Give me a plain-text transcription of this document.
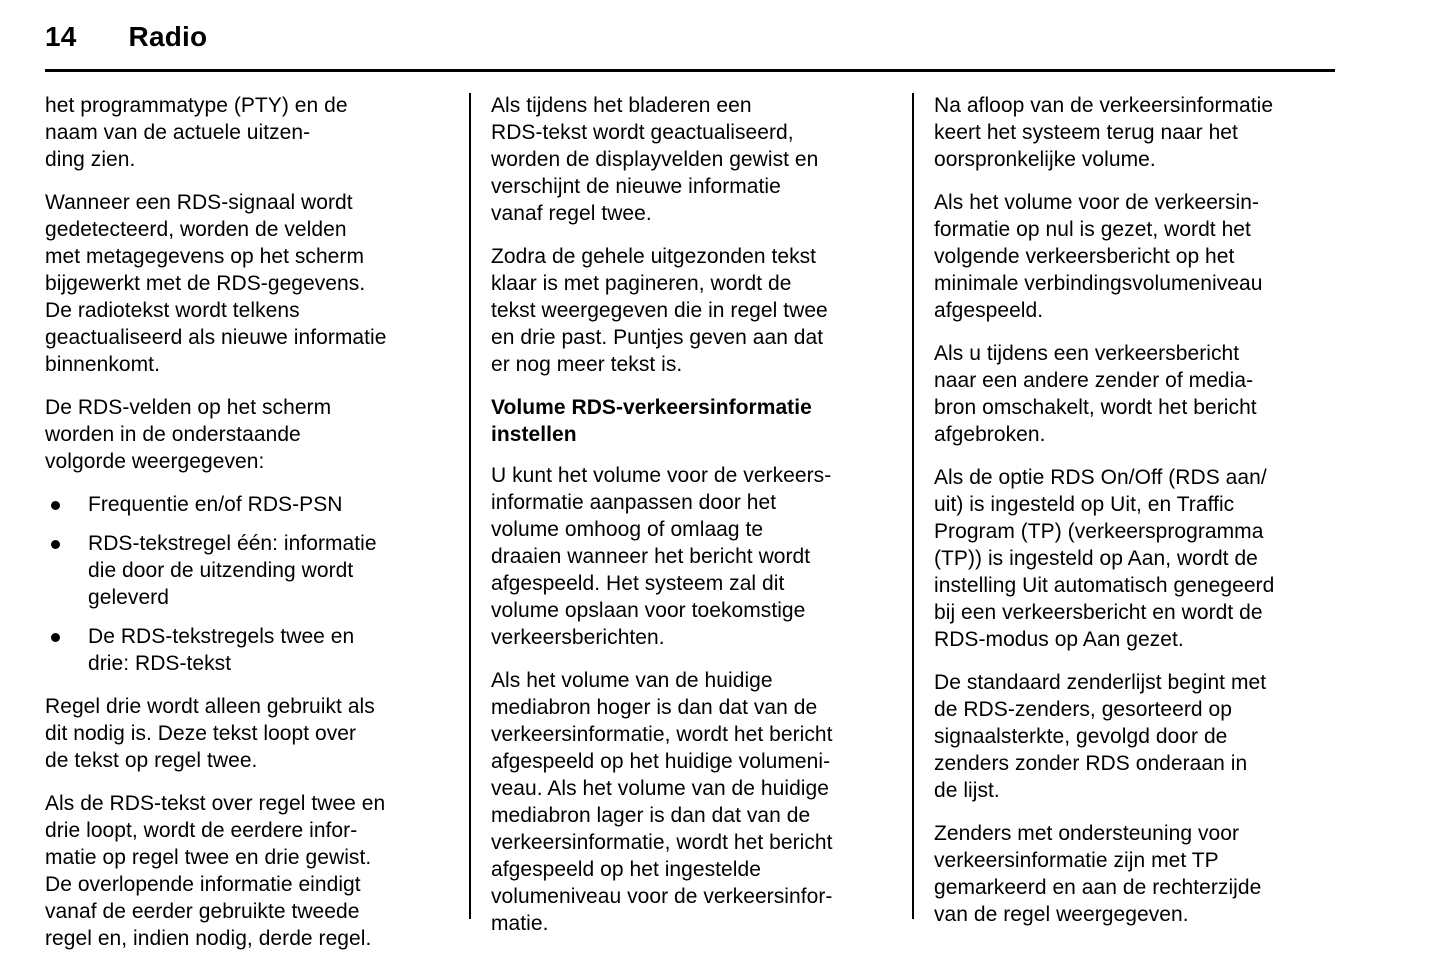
14 Radio

het programmatype (PTY) en de
naam van de actuele uitzen-
ding zien.

Wanneer een RDS-signaal wordt
gedetecteerd, worden de velden
met metagegevens op het scherm
bijgewerkt met de RDS-gegevens.
De radiotekst wordt telkens
geactualiseerd als nieuwe informatie
binnenkomt.

De RDS-velden op het scherm
worden in de onderstaande
volgorde weergegeven:

Frequentie en/of RDS-PSN
RDS-tekstregel één: informatie
die door de uitzending wordt
geleverd
De RDS-tekstregels twee en
drie: RDS-tekst

Regel drie wordt alleen gebruikt als
dit nodig is. Deze tekst loopt over
de tekst op regel twee.

Als de RDS-tekst over regel twee en
drie loopt, wordt de eerdere infor-
matie op regel twee en drie gewist.
De overlopende informatie eindigt
vanaf de eerder gebruikte tweede
regel en, indien nodig, derde regel.

Als tijdens het bladeren een
RDS-tekst wordt geactualiseerd,
worden de displayvelden gewist en
verschijnt de nieuwe informatie
vanaf regel twee.

Zodra de gehele uitgezonden tekst
klaar is met pagineren, wordt de
tekst weergegeven die in regel twee
en drie past. Puntjes geven aan dat
er nog meer tekst is.

Volume RDS-verkeersinformatie
instellen

U kunt het volume voor de verkeers-
informatie aanpassen door het
volume omhoog of omlaag te
draaien wanneer het bericht wordt
afgespeeld. Het systeem zal dit
volume opslaan voor toekomstige
verkeersberichten.

Als het volume van de huidige
mediabron hoger is dan dat van de
verkeersinformatie, wordt het bericht
afgespeeld op het huidige volumeni-
veau. Als het volume van de huidige
mediabron lager is dan dat van de
verkeersinformatie, wordt het bericht
afgespeeld op het ingestelde
volumeniveau voor de verkeersinfor-
matie.

Na afloop van de verkeersinformatie
keert het systeem terug naar het
oorspronkelijke volume.

Als het volume voor de verkeersin-
formatie op nul is gezet, wordt het
volgende verkeersbericht op het
minimale verbindingsvolumeniveau
afgespeeld.

Als u tijdens een verkeersbericht
naar een andere zender of media-
bron omschakelt, wordt het bericht
afgebroken.

Als de optie RDS On/Off (RDS aan/
uit) is ingesteld op Uit, en Traffic
Program (TP) (verkeersprogramma
(TP)) is ingesteld op Aan, wordt de
instelling Uit automatisch genegeerd
bij een verkeersbericht en wordt de
RDS-modus op Aan gezet.

De standaard zenderlijst begint met
de RDS-zenders, gesorteerd op
signaalsterkte, gevolgd door de
zenders zonder RDS onderaan in
de lijst.

Zenders met ondersteuning voor
verkeersinformatie zijn met TP
gemarkeerd en aan de rechterzijde
van de regel weergegeven.
